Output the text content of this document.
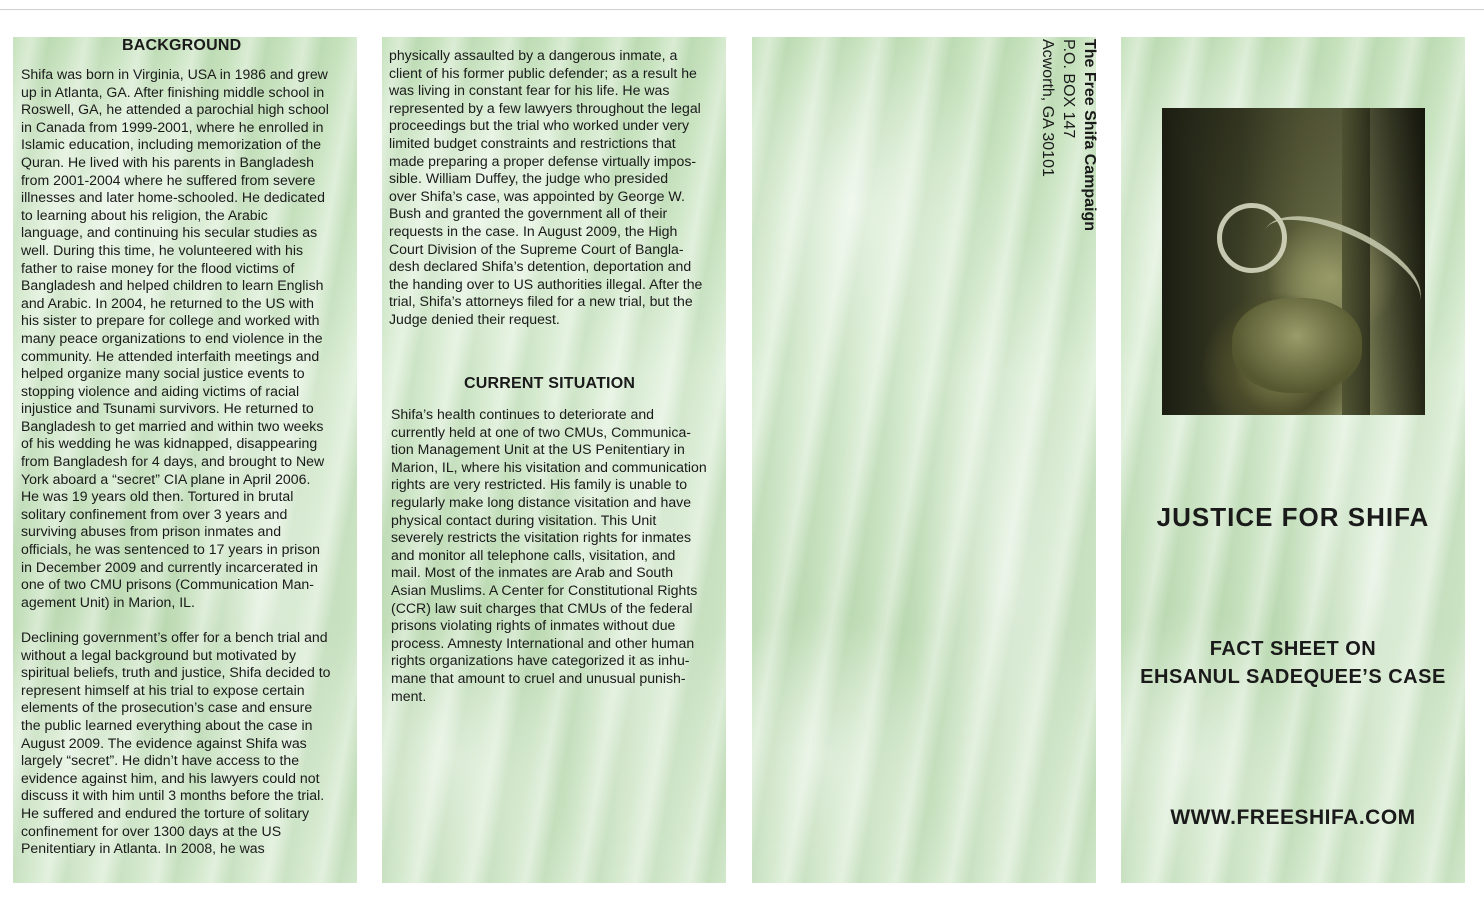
BACKGROUND

Shifa was born in Virginia, USA in 1986 and grew
up in Atlanta, GA. After finishing middle school in
Roswell, GA, he attended a parochial high school
in Canada from 1999-2001, where he enrolled in
Islamic education, including memorization of the
Quran. He lived with his parents in Bangladesh
from 2001-2004 where he suffered from severe
illnesses and later home-schooled. He dedicated
to learning about his religion, the Arabic
language, and continuing his secular studies as
well. During this time, he volunteered with his
father to raise money for the flood victims of
Bangladesh and helped children to learn English
and Arabic. In 2004, he returned to the US with
his sister to prepare for college and worked with
many peace organizations to end violence in the
community. He attended interfaith meetings and
helped organize many social justice events to
stopping violence and aiding victims of racial
injustice and Tsunami survivors. He returned to
Bangladesh to get married and within two weeks
of his wedding he was kidnapped, disappearing
from Bangladesh for 4 days, and brought to New
York aboard a “secret” CIA plane in April 2006.
He was 19 years old then. Tortured in brutal
solitary confinement from over 3 years and
surviving abuses from prison inmates and
officials, he was sentenced to 17 years in prison
in December 2009 and currently incarcerated in
one of two CMU prisons (Communication Man-
agement Unit) in Marion, IL.

Declining government’s offer for a bench trial and
without a legal background but motivated by
spiritual beliefs, truth and justice, Shifa decided to
represent himself at his trial to expose certain
elements of the prosecution’s case and ensure
the public learned everything about the case in
August 2009. The evidence against Shifa was
largely “secret”. He didn’t have access to the
evidence against him, and his lawyers could not
discuss it with him until 3 months before the trial.
He suffered and endured the torture of solitary
confinement for over 1300 days at the US
Penitentiary in Atlanta. In 2008, he was

physically assaulted by a dangerous inmate, a
client of his former public defender; as a result he
was living in constant fear for his life. He was
represented by a few lawyers throughout the legal
proceedings but the trial who worked under very
limited budget constraints and restrictions that
made preparing a proper defense virtually impos-
sible. William Duffey, the judge who presided
over Shifa’s case, was appointed by George W.
Bush and granted the government all of their
requests in the case. In August 2009, the High
Court Division of the Supreme Court of Bangla-
desh declared Shifa’s detention, deportation and
the handing over to US authorities illegal. After the
trial, Shifa’s attorneys filed for a new trial, but the
Judge denied their request.

CURRENT SITUATION

Shifa’s health continues to deteriorate and
currently held at one of two CMUs, Communica-
tion Management Unit at the US Penitentiary in
Marion, IL, where his visitation and communication
rights are very restricted. His family is unable to
regularly make long distance visitation and have
physical contact during visitation. This Unit
severely restricts the visitation rights for inmates
and monitor all telephone calls, visitation, and
mail. Most of the inmates are Arab and South
Asian Muslims. A Center for Constitutional Rights
(CCR) law suit charges that CMUs of the federal
prisons violating rights of inmates without due
process. Amnesty International and other human
rights organizations have categorized it as inhu-
mane that amount to cruel and unusual punish-
ment.

The Free Shifa Campaign
P.O. BOX 147
Acworth, GA 30101

JUSTICE FOR SHIFA
FACT SHEET ON
EHSANUL SADEQUEE’S CASE
WWW.FREESHIFA.COM
